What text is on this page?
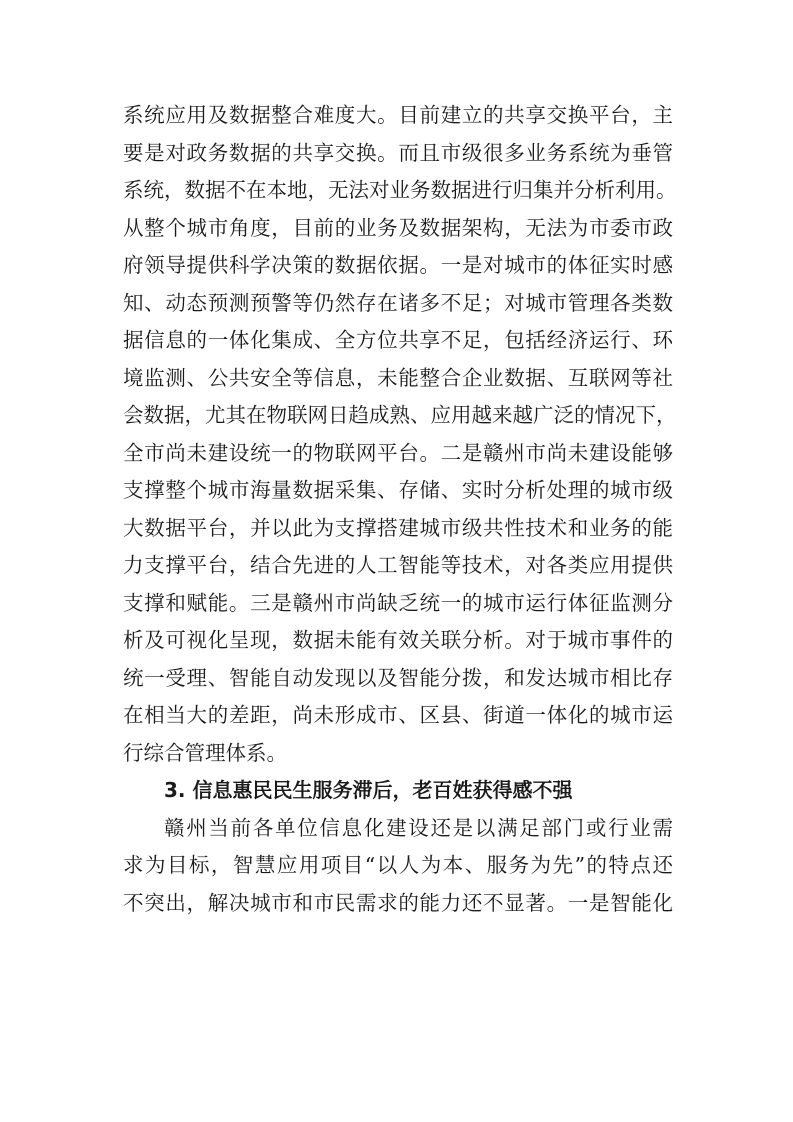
系统应用及数据整合难度大。目前建立的共享交换平台，主
要是对政务数据的共享交换。而且市级很多业务系统为垂管
系统，数据不在本地，无法对业务数据进行归集并分析利用。
从整个城市角度，目前的业务及数据架构，无法为市委市政
府领导提供科学决策的数据依据。一是对城市的体征实时感
知、动态预测预警等仍然存在诸多不足；对城市管理各类数
据信息的一体化集成、全方位共享不足，包括经济运行、环
境监测、公共安全等信息，未能整合企业数据、互联网等社
会数据，尤其在物联网日趋成熟、应用越来越广泛的情况下，
全市尚未建设统一的物联网平台。二是赣州市尚未建设能够
支撑整个城市海量数据采集、存储、实时分析处理的城市级
大数据平台，并以此为支撑搭建城市级共性技术和业务的能
力支撑平台，结合先进的人工智能等技术，对各类应用提供
支撑和赋能。三是赣州市尚缺乏统一的城市运行体征监测分
析及可视化呈现，数据未能有效关联分析。对于城市事件的
统一受理、智能自动发现以及智能分拨，和发达城市相比存
在相当大的差距，尚未形成市、区县、街道一体化的城市运
行综合管理体系。
3. 信息惠民民生服务滞后，老百姓获得感不强
赣州当前各单位信息化建设还是以满足部门或行业需
求为目标，智慧应用项目“以人为本、服务为先”的特点还
不突出，解决城市和市民需求的能力还不显著。一是智能化
